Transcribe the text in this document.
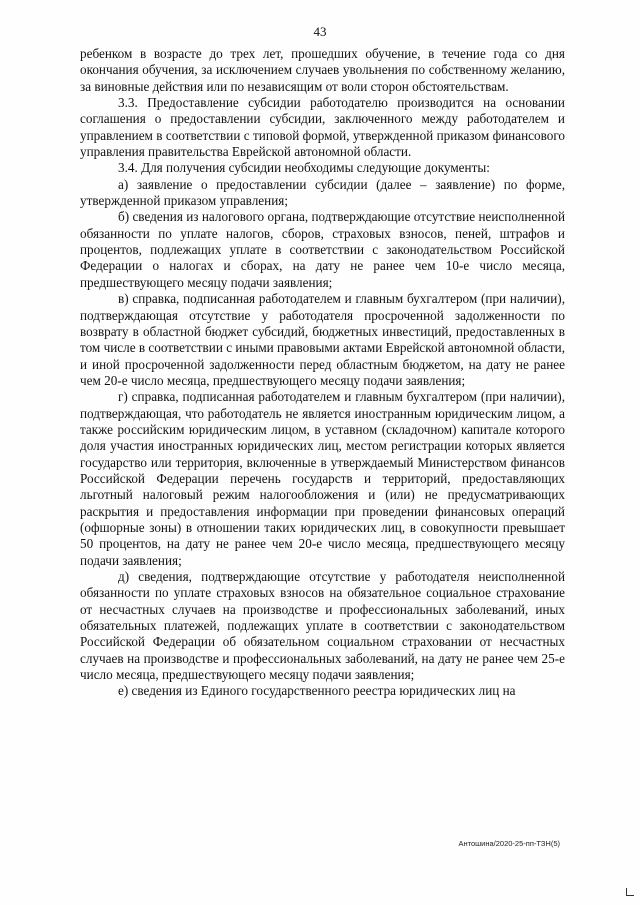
43

ребенком в возрасте до трех лет, прошедших обучение, в течение года со дня окончания обучения, за исключением случаев увольнения по собственному желанию, за виновные действия или по независящим от воли сторон обстоятельствам.

3.3. Предоставление субсидии работодателю производится на основании соглашения о предоставлении субсидии, заключенного между работодателем и управлением в соответствии с типовой формой, утвержденной приказом финансового управления правительства Еврейской автономной области.

3.4. Для получения субсидии необходимы следующие документы:

а) заявление о предоставлении субсидии (далее – заявление) по форме, утвержденной приказом управления;

б) сведения из налогового органа, подтверждающие отсутствие неисполненной обязанности по уплате налогов, сборов, страховых взносов, пеней, штрафов и процентов, подлежащих уплате в соответствии с законодательством Российской Федерации о налогах и сборах, на дату не ранее чем 10-е число месяца, предшествующего месяцу подачи заявления;

в) справка, подписанная работодателем и главным бухгалтером (при наличии), подтверждающая отсутствие у работодателя просроченной задолженности по возврату в областной бюджет субсидий, бюджетных инвестиций, предоставленных в том числе в соответствии с иными правовыми актами Еврейской автономной области, и иной просроченной задолженности перед областным бюджетом, на дату не ранее чем 20-е число месяца, предшествующего месяцу подачи заявления;

г) справка, подписанная работодателем и главным бухгалтером (при наличии), подтверждающая, что работодатель не является иностранным юридическим лицом, а также российским юридическим лицом, в уставном (складочном) капитале которого доля участия иностранных юридических лиц, местом регистрации которых является государство или территория, включенные в утверждаемый Министерством финансов Российской Федерации перечень государств и территорий, предоставляющих льготный налоговый режим налогообложения и (или) не предусматривающих раскрытия и предоставления информации при проведении финансовых операций (офшорные зоны) в отношении таких юридических лиц, в совокупности превышает 50 процентов, на дату не ранее чем 20-е число месяца, предшествующего месяцу подачи заявления;

д) сведения, подтверждающие отсутствие у работодателя неисполненной обязанности по уплате страховых взносов на обязательное социальное страхование от несчастных случаев на производстве и профессиональных заболеваний, иных обязательных платежей, подлежащих уплате в соответствии с законодательством Российской Федерации об обязательном социальном страховании от несчастных случаев на производстве и профессиональных заболеваний, на дату не ранее чем 25-е число месяца, предшествующего месяцу подачи заявления;

е) сведения из Единого государственного реестра юридических лиц на

Антошина/2020-25-пп-ТЗН(5)
